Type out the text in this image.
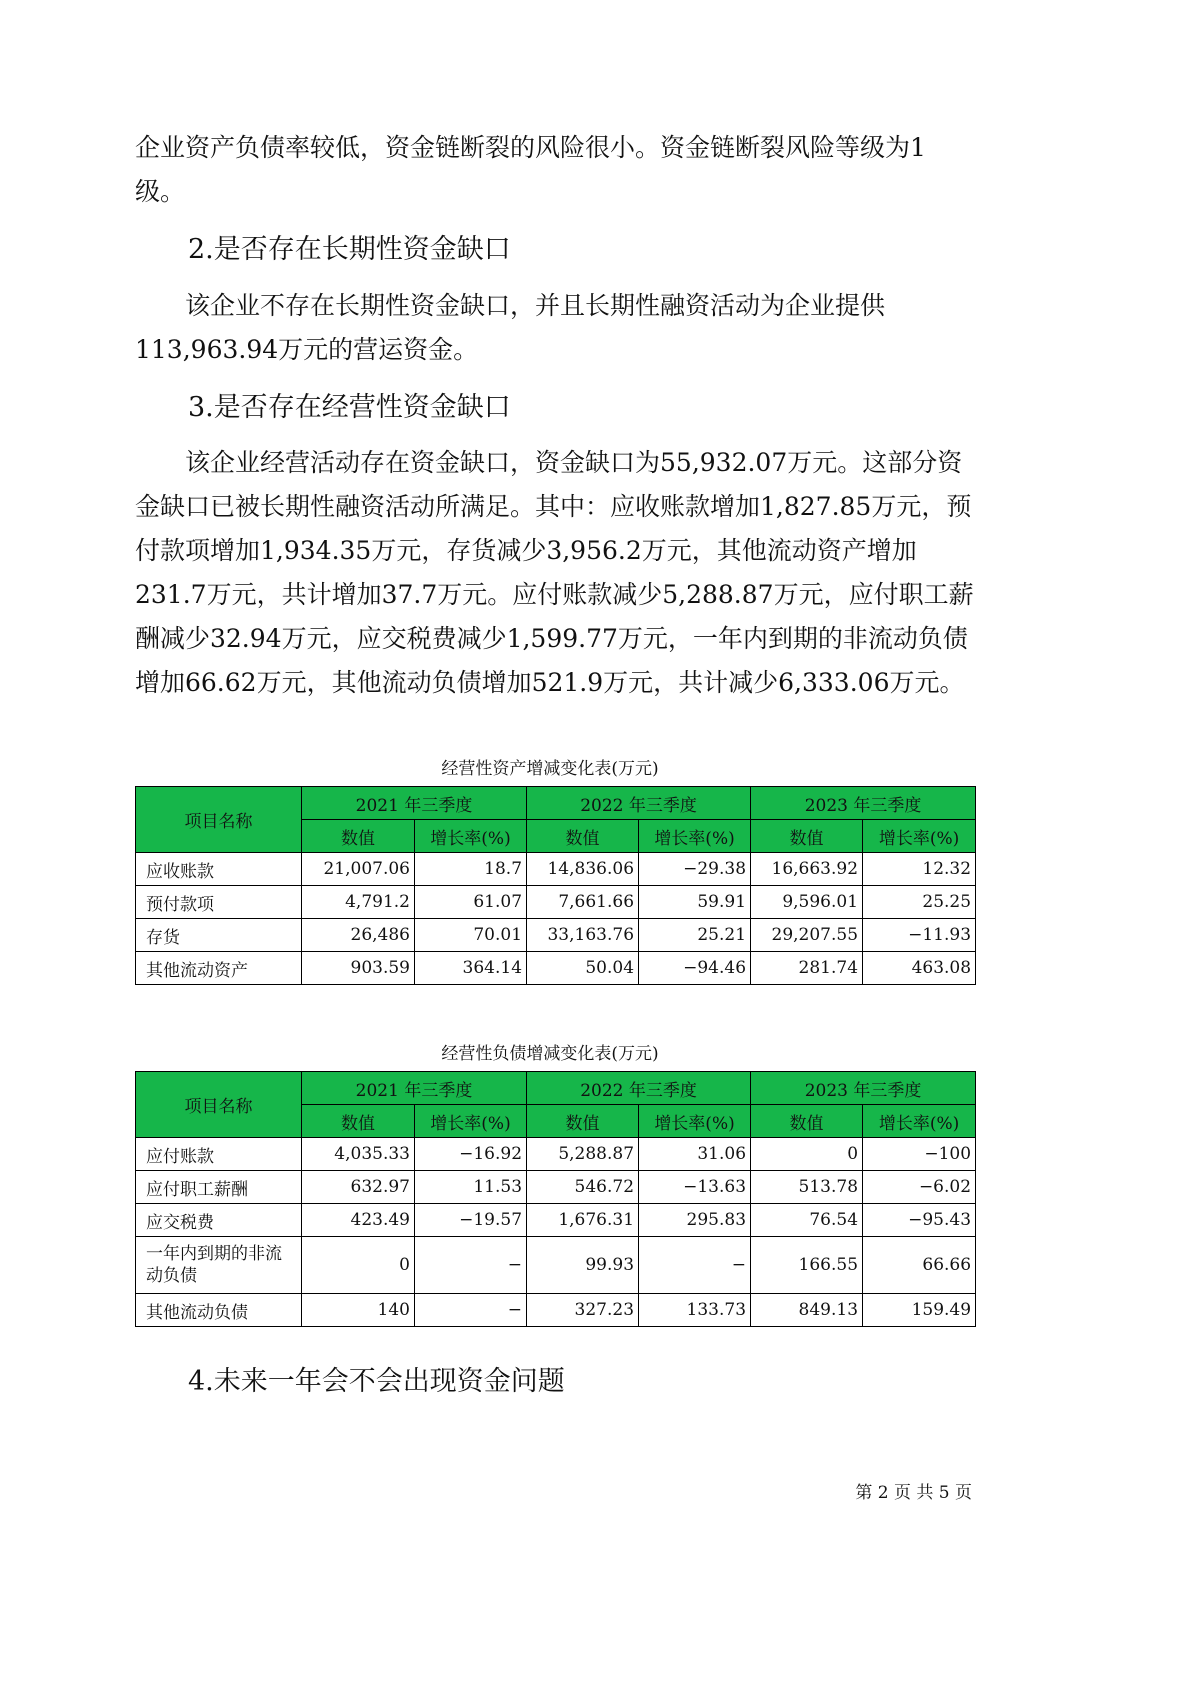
企业资产负债率较低，资金链断裂的风险很小。资金链断裂风险等级为1级。

2.是否存在长期性资金缺口

该企业不存在长期性资金缺口，并且长期性融资活动为企业提供113,963.94万元的营运资金。

3.是否存在经营性资金缺口

该企业经营活动存在资金缺口，资金缺口为55,932.07万元。这部分资金缺口已被长期性融资活动所满足。其中：应收账款增加1,827.85万元，预付款项增加1,934.35万元，存货减少3,956.2万元，其他流动资产增加231.7万元，共计增加37.7万元。应付账款减少5,288.87万元，应付职工薪酬减少32.94万元，应交税费减少1,599.77万元，一年内到期的非流动负债增加66.62万元，其他流动负债增加521.9万元，共计减少6,333.06万元。

经营性资产增减变化表(万元)
项目名称	2021 年三季度		2022 年三季度		2023 年三季度	
	数值	增长率(%)	数值	增长率(%)	数值	增长率(%)
应收账款	21,007.06	18.7	14,836.06	−29.38	16,663.92	12.32
预付款项	4,791.2	61.07	7,661.66	59.91	9,596.01	25.25
存货	26,486	70.01	33,163.76	25.21	29,207.55	−11.93
其他流动资产	903.59	364.14	50.04	−94.46	281.74	463.08
经营性负债增减变化表(万元)
项目名称	2021 年三季度		2022 年三季度		2023 年三季度	
	数值	增长率(%)	数值	增长率(%)	数值	增长率(%)
应付账款	4,035.33	−16.92	5,288.87	31.06	0	−100
应付职工薪酬	632.97	11.53	546.72	−13.63	513.78	−6.02
应交税费	423.49	−19.57	1,676.31	295.83	76.54	−95.43
一年内到期的非流动负债	0	−	99.93	−	166.55	66.66
其他流动负债	140	−	327.23	133.73	849.13	159.49

4.未来一年会不会出现资金问题

第 2 页 共 5 页
